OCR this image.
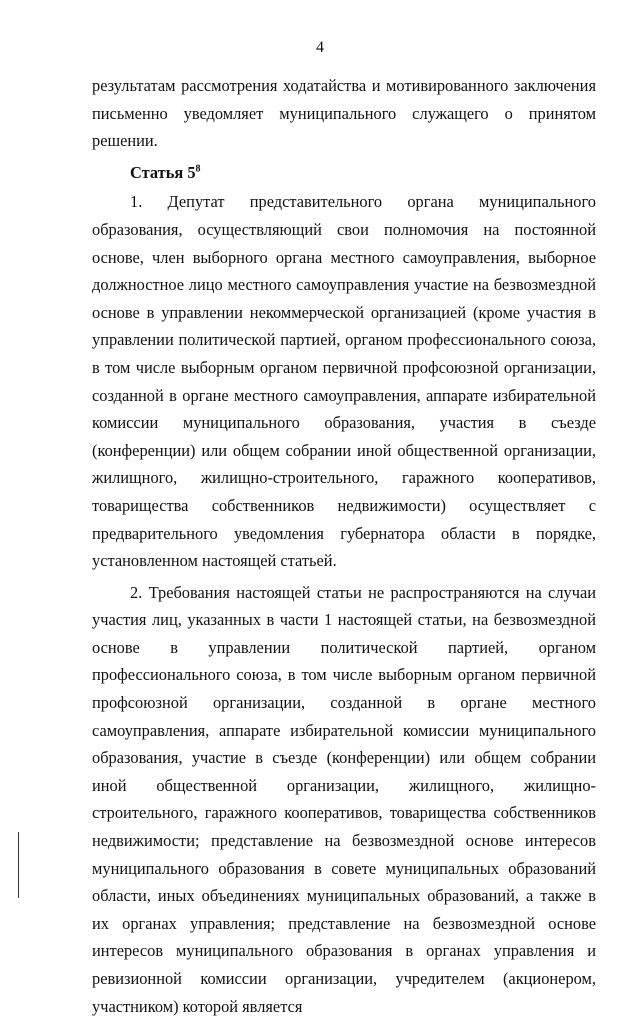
4

результатам рассмотрения ходатайства и мотивированного заключения письменно уведомляет муниципального служащего о принятом решении.

Статья $5^8$

1. Депутат представительного органа муниципального образования, осуществляющий свои полномочия на постоянной основе, член выборного органа местного самоуправления, выборное должностное лицо местного самоуправления участие на безвозмездной основе в управлении некоммерческой организацией (кроме участия в управлении политической партией, органом профессионального союза, в том числе выборным органом первичной профсоюзной организации, созданной в органе местного самоуправления, аппарате избирательной комиссии муниципального образования, участия в съезде (конференции) или общем собрании иной общественной организации, жилищного, жилищно-строительного, гаражного кооперативов, товарищества собственников недвижимости) осуществляет с предварительного уведомления губернатора области в порядке, установленном настоящей статьей.

2. Требования настоящей статьи не распространяются на случаи участия лиц, указанных в части 1 настоящей статьи, на безвозмездной основе в управлении политической партией, органом профессионального союза, в том числе выборным органом первичной профсоюзной организации, созданной в органе местного самоуправления, аппарате избирательной комиссии муниципального образования, участие в съезде (конференции) или общем собрании иной общественной организации, жилищного, жилищно-строительного, гаражного кооперативов, товарищества собственников недвижимости; представление на безвозмездной основе интересов муниципального образования в совете муниципальных образований области, иных объединениях муниципальных образований, а также в их органах управления; представление на безвозмездной основе интересов муниципального образования в органах управления и ревизионной комиссии организации, учредителем (акционером, участником) которой является
